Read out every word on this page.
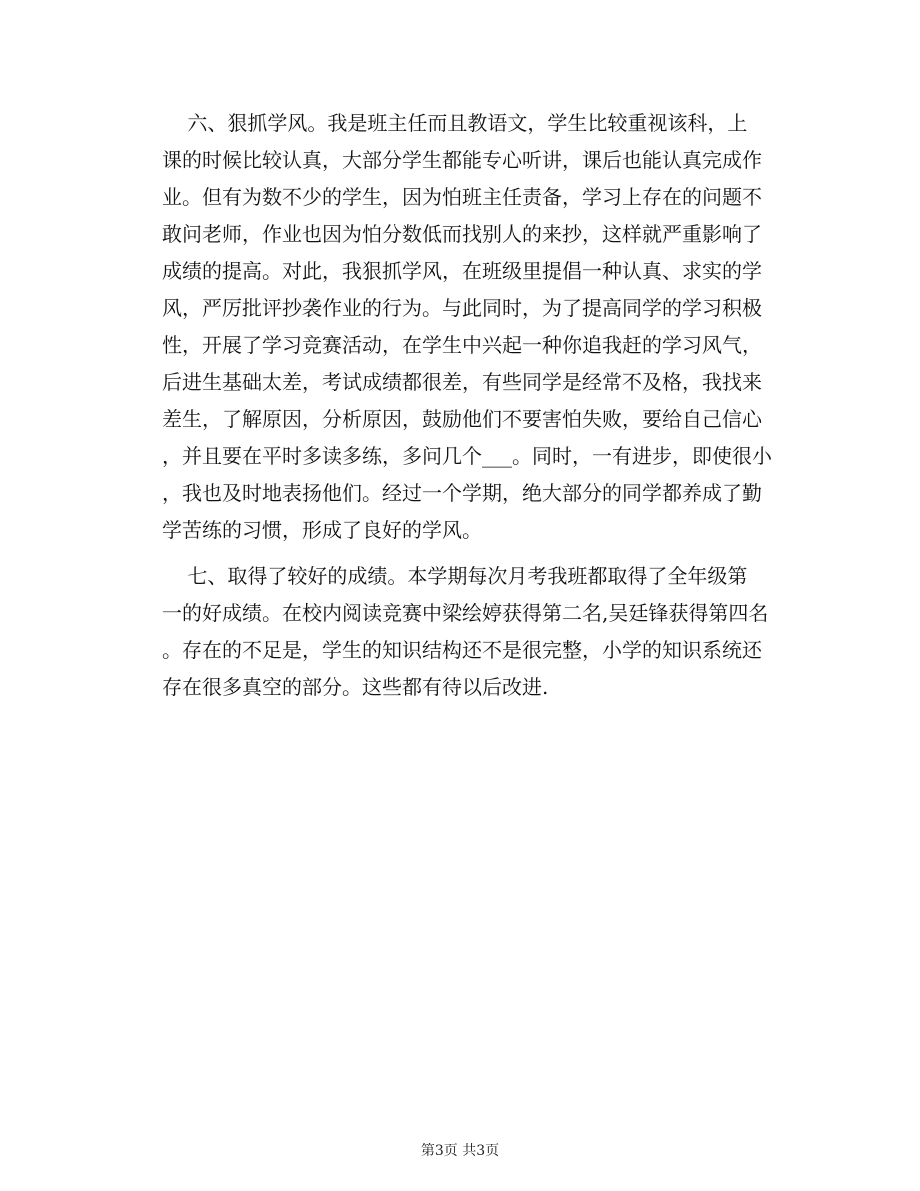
六、狠抓学风。我是班主任而且教语文，学生比较重视该科，上
课的时候比较认真，大部分学生都能专心听讲，课后也能认真完成作
业。但有为数不少的学生，因为怕班主任责备，学习上存在的问题不
敢问老师，作业也因为怕分数低而找别人的来抄，这样就严重影响了
成绩的提高。对此，我狠抓学风，在班级里提倡一种认真、求实的学
风，严厉批评抄袭作业的行为。与此同时，为了提高同学的学习积极
性，开展了学习竞赛活动，在学生中兴起一种你追我赶的学习风气，
后进生基础太差，考试成绩都很差，有些同学是经常不及格，我找来
差生，了解原因，分析原因，鼓励他们不要害怕失败，要给自己信心
，并且要在平时多读多练，多问几个___。同时，一有进步，即使很小
，我也及时地表扬他们。经过一个学期，绝大部分的同学都养成了勤
学苦练的习惯，形成了良好的学风。
七、取得了较好的成绩。本学期每次月考我班都取得了全年级第
一的好成绩。在校内阅读竞赛中梁绘婷获得第二名,吴廷锋获得第四名
。存在的不足是，学生的知识结构还不是很完整，小学的知识系统还
存在很多真空的部分。这些都有待以后改进.
第3页 共3页
